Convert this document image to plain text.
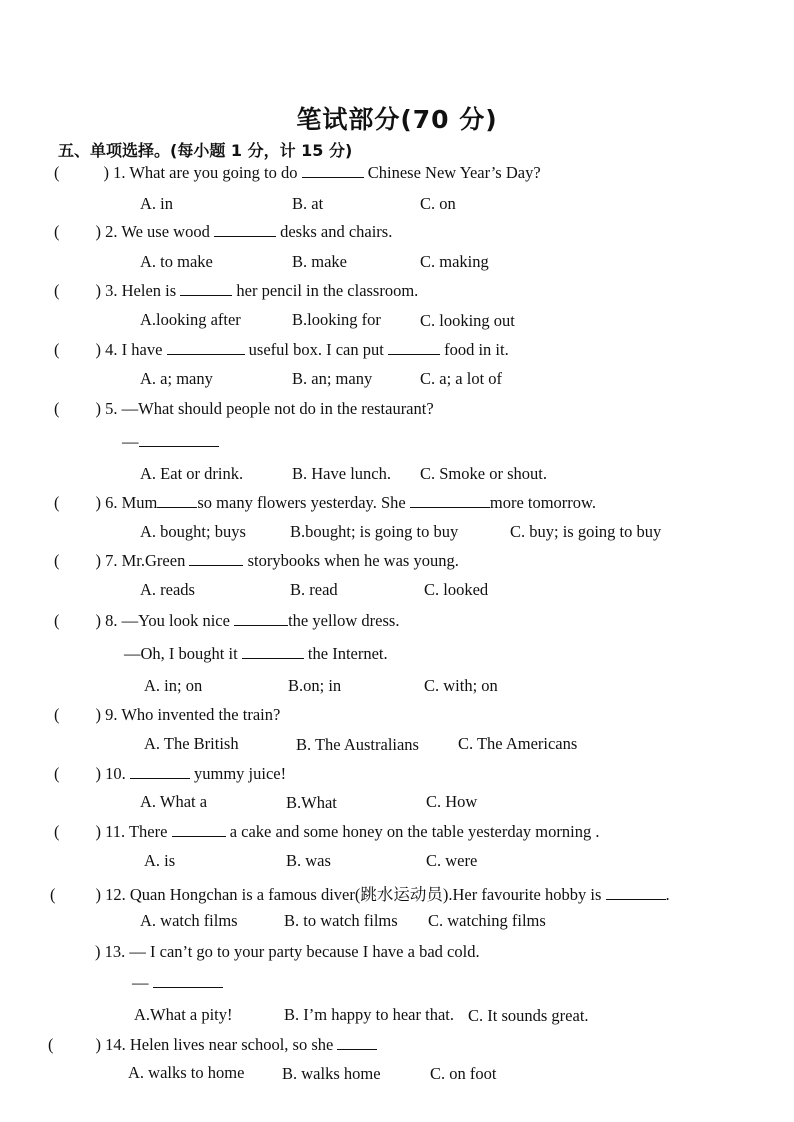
笔试部分(70 分)
五、单项选择。(每小题 1 分，计 15 分)
(	) 1. What are you going to do	Chinese New Year’s Day?
A. in	B. at	C. on
( ) 2. We use wood	desks and chairs.
A. to make	B. make	C. making
( ) 3. Helen is	her pencil in the classroom.
A.looking after	B.looking for C. looking out
( ) 4. I have	useful box. I can put	food in it.
A. a; many	B. an; many	C. a; a lot of
( ) 5. —What should people not do in the restaurant?
—
A. Eat or drink.	B. Have lunch. C. Smoke or shout.
( ) 6. Mum so many flowers yesterday. She	more tomorrow.
A. bought; buys	B.bought; is going to buy	C. buy; is going to buy
( ) 7. Mr.Green	storybooks when he was young.
A. reads	B. read	C. looked
( ) 8. —You look nice	the yellow dress.
—Oh, I bought it	the Internet.
A. in; on	B.on; in	C. with; on
( ) 9. Who invented the train?
A. The British	B. The Australians C. The Americans
( ) 10.	yummy juice!
A. What a	B.What	C. How
( ) 11. There	a cake and some honey on the table yesterday morning .
A. is	B. was	C. were
( ) 12. Quan Hongchan is a famous diver(跳水运动员).Her favourite hobby is	.
A. watch films	B. to watch films C. watching films
) 13. — I can’t go to your party because I have a bad cold.
—
A.What a pity!	B. I’m happy to hear that. C. It sounds great.
(	) 14. Helen lives near school, so she
A. walks to home B. walks home	C. on foot
